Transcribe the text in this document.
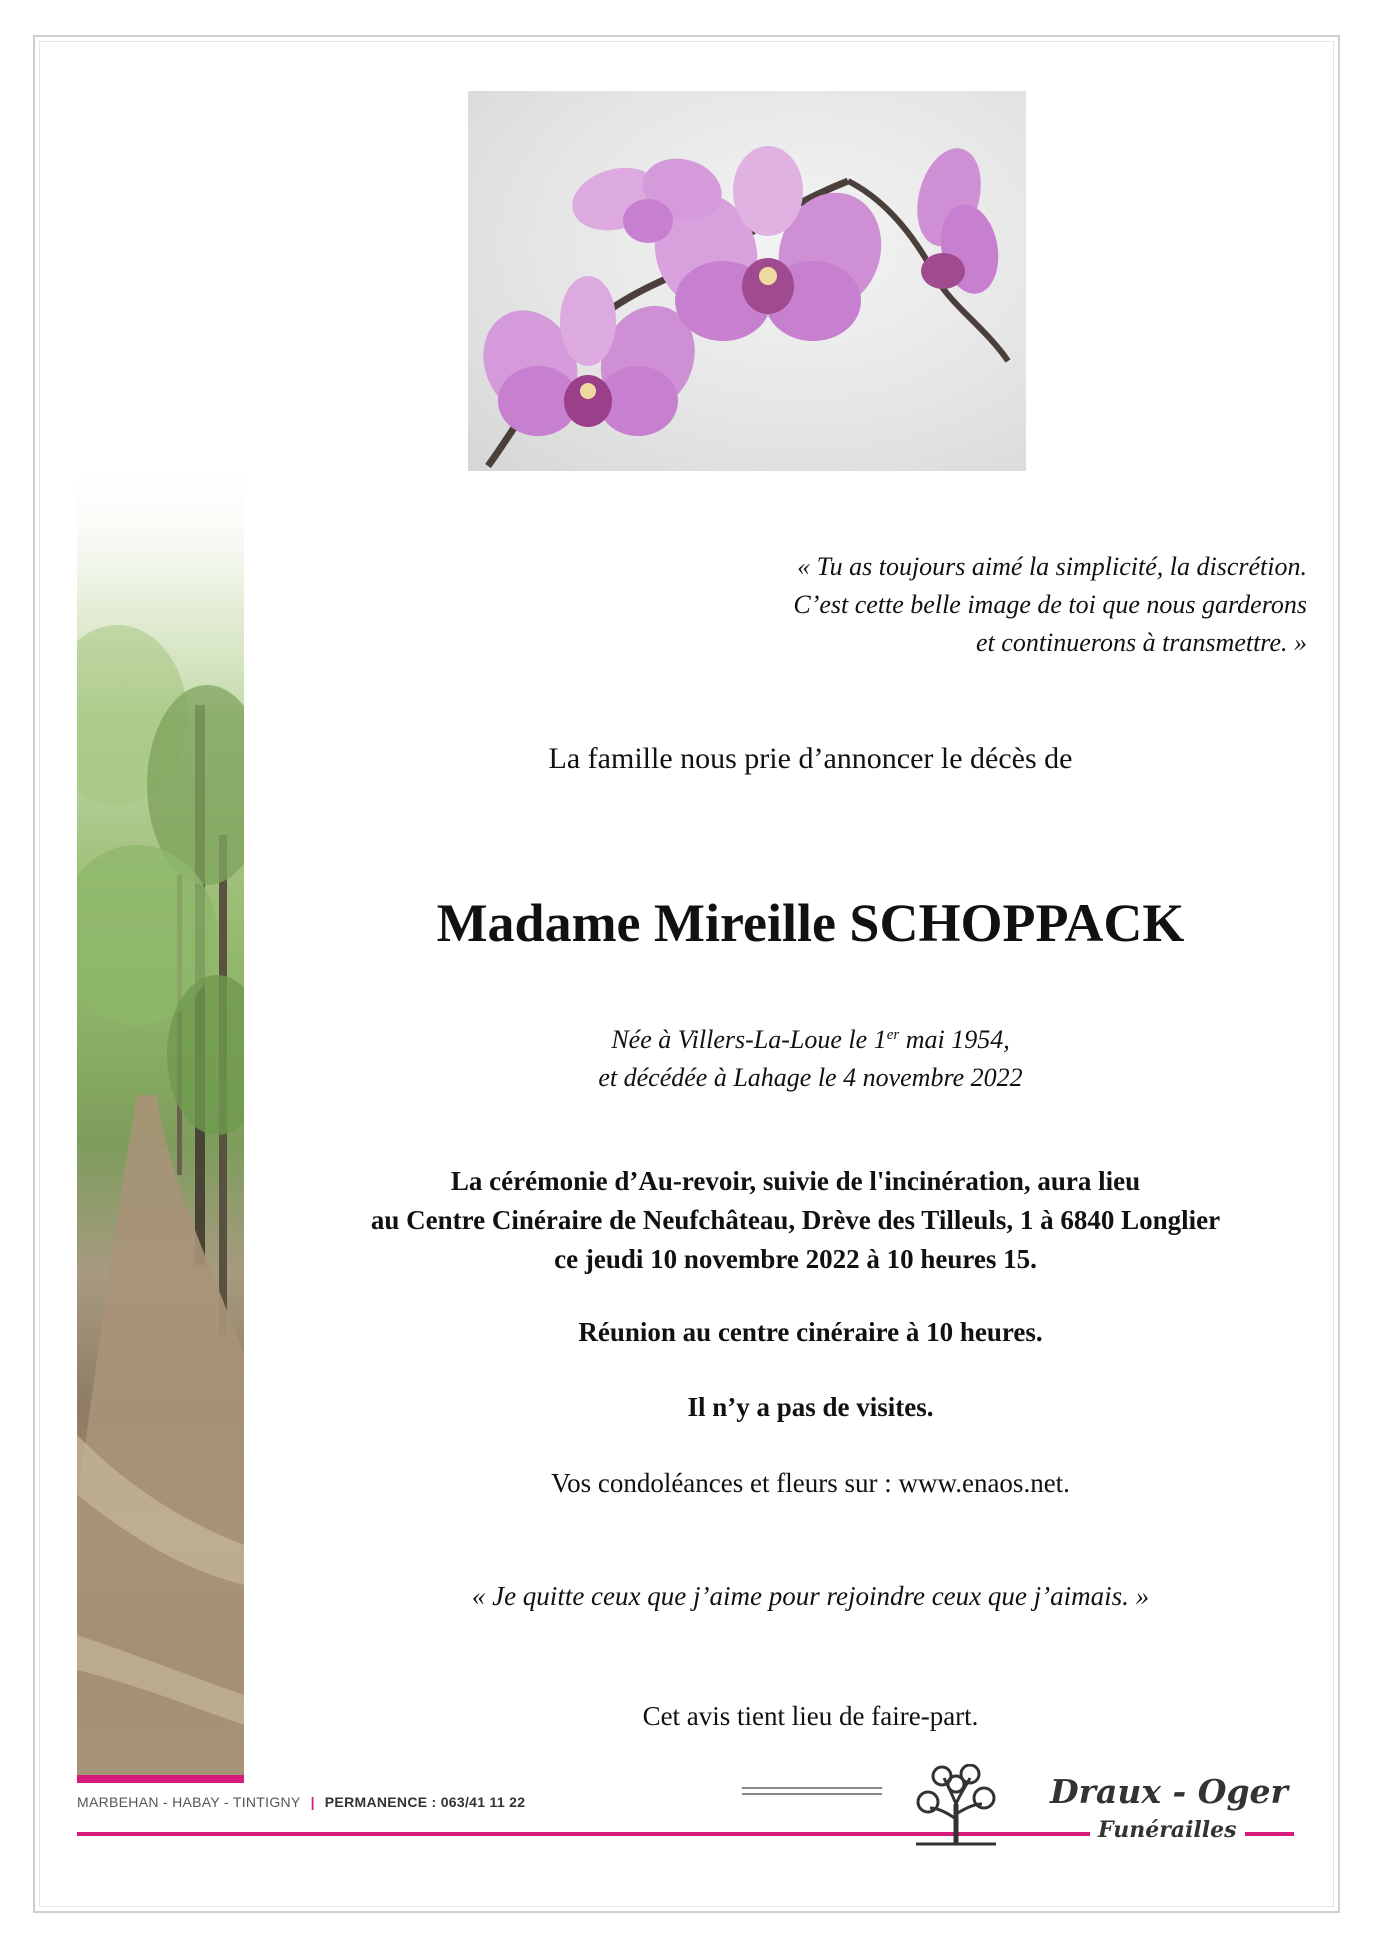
« Tu as toujours aimé la simplicité, la discrétion.
C’est cette belle image de toi que nous garderons
et continuerons à transmettre. »
La famille nous prie d’annoncer le décès de
Madame Mireille SCHOPPACK
Née à Villers-La-Loue le 1er mai 1954,
et décédée à Lahage le 4 novembre 2022
La cérémonie d’Au-revoir, suivie de l'incinération, aura lieu
au Centre Cinéraire de Neufchâteau, Drève des Tilleuls, 1 à 6840 Longlier
ce jeudi 10 novembre 2022 à 10 heures 15.
Réunion au centre cinéraire à 10 heures.
Il n’y a pas de visites.
Vos condoléances et fleurs sur : www.enaos.net.
« Je quitte ceux que j’aime pour rejoindre ceux que j’aimais. »
Cet avis tient lieu de faire-part.
MARBEHAN - HABAY - TINTIGNY | PERMANENCE : 063/41 11 22	Draux - Oger
Funérailles
